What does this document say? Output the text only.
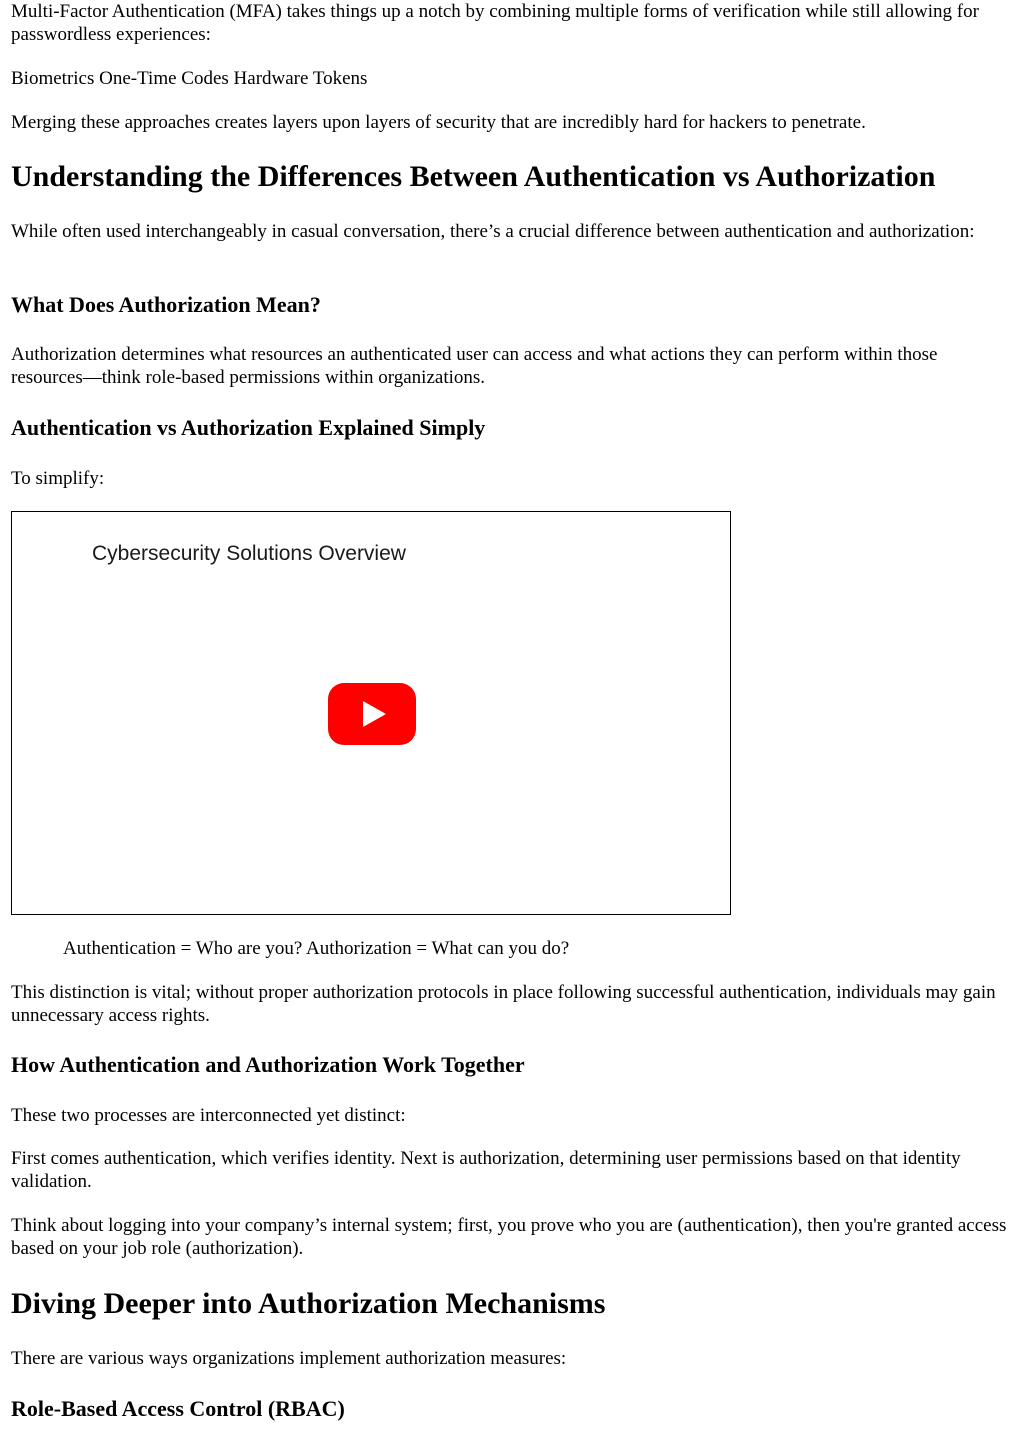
Multi-Factor Authentication (MFA) takes things up a notch by combining multiple forms of verification while still allowing for passwordless experiences:

Biometrics One-Time Codes Hardware Tokens

Merging these approaches creates layers upon layers of security that are incredibly hard for hackers to penetrate.

Understanding the Differences Between Authentication vs Authorization

While often used interchangeably in casual conversation, there’s a crucial difference between authentication and authorization:

What Does Authorization Mean?

Authorization determines what resources an authenticated user can access and what actions they can perform within those resources—think role-based permissions within organizations.

Authentication vs Authorization Explained Simply

To simplify:

Cybersecurity Solutions Overview

Authentication = Who are you? Authorization = What can you do?

This distinction is vital; without proper authorization protocols in place following successful authentication, individuals may gain unnecessary access rights.

How Authentication and Authorization Work Together

These two processes are interconnected yet distinct:

First comes authentication, which verifies identity. Next is authorization, determining user permissions based on that identity validation.

Think about logging into your company’s internal system; first, you prove who you are (authentication), then you're granted access based on your job role (authorization).

Diving Deeper into Authorization Mechanisms

There are various ways organizations implement authorization measures:

Role-Based Access Control (RBAC)
